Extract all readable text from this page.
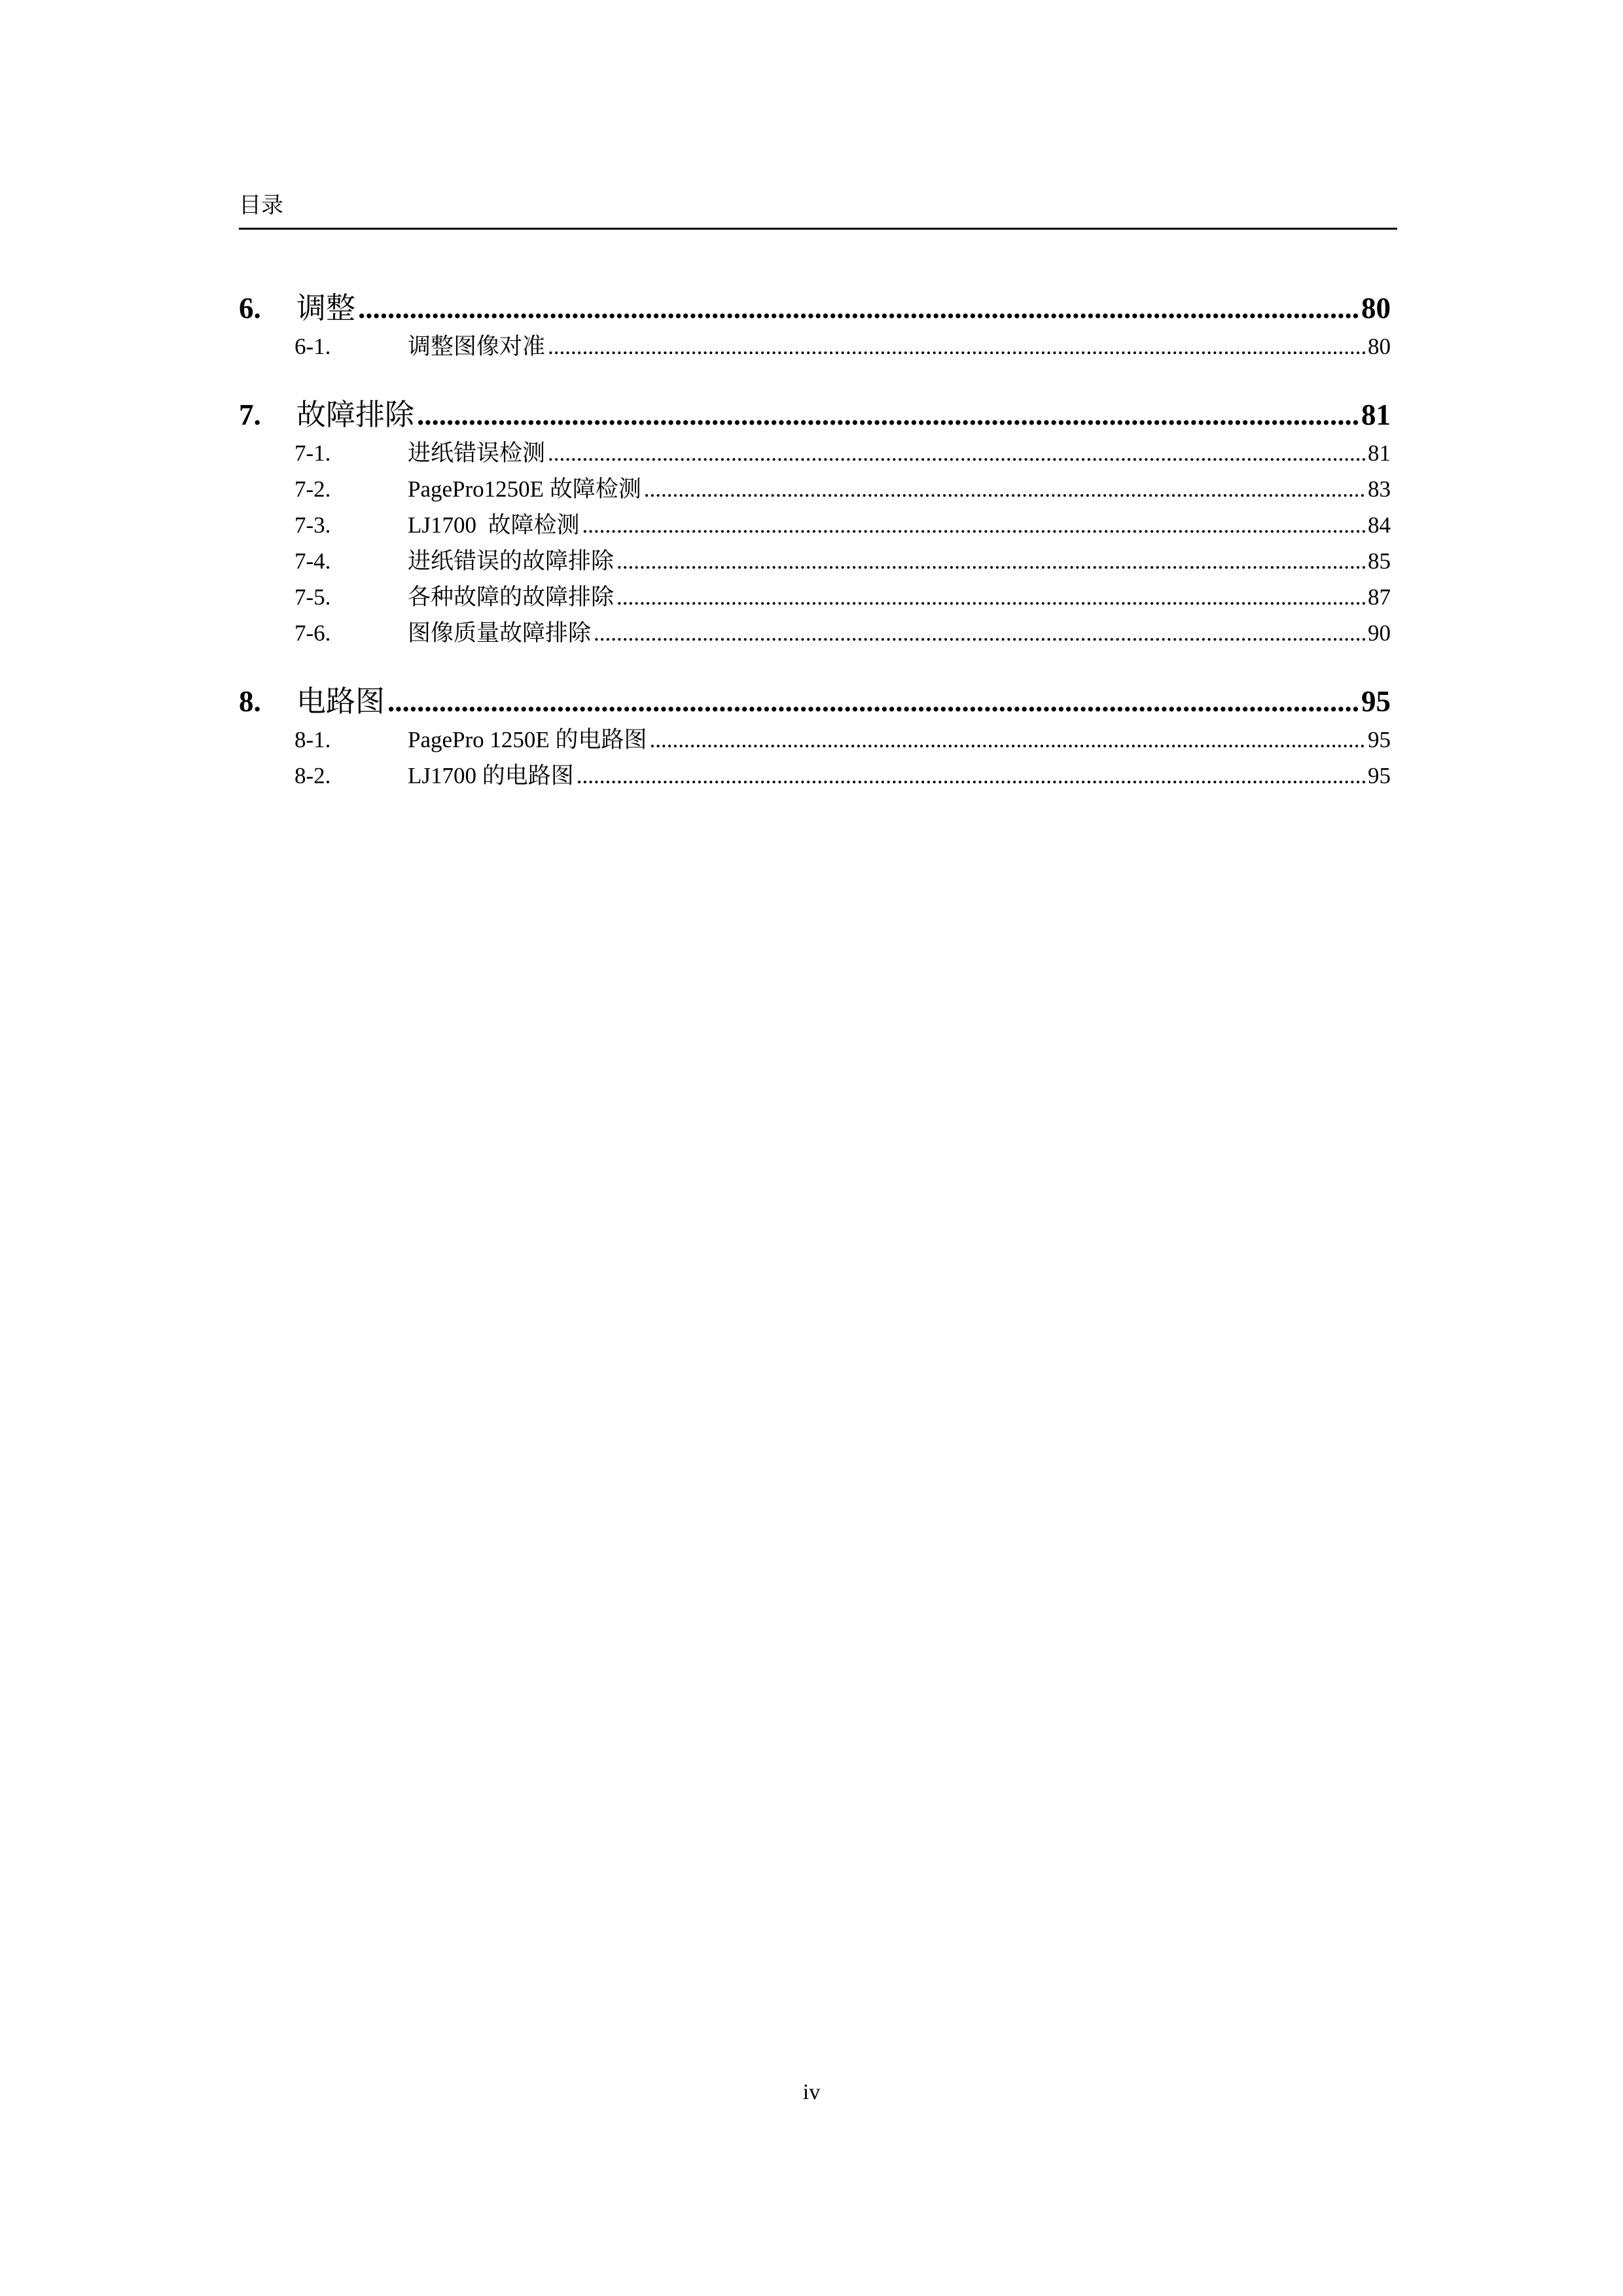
目录
6.	调整 .....	80
6-1.	调整图像对准 .....	80
7.	故障排除 .....	81
7-1.	进纸错误检测 .....	81
7-2.	PagePro1250E 故障检测 .....	83
7-3.	LJ1700  故障检测 .....	84
7-4.	进纸错误的故障排除 .....	85
7-5.	各种故障的故障排除 .....	87
7-6.	图像质量故障排除 .....	90
8.	电路图 .....	95
8-1.	PagePro 1250E 的电路图 .....	95
8-2.	LJ1700 的电路图 .....	95
iv
